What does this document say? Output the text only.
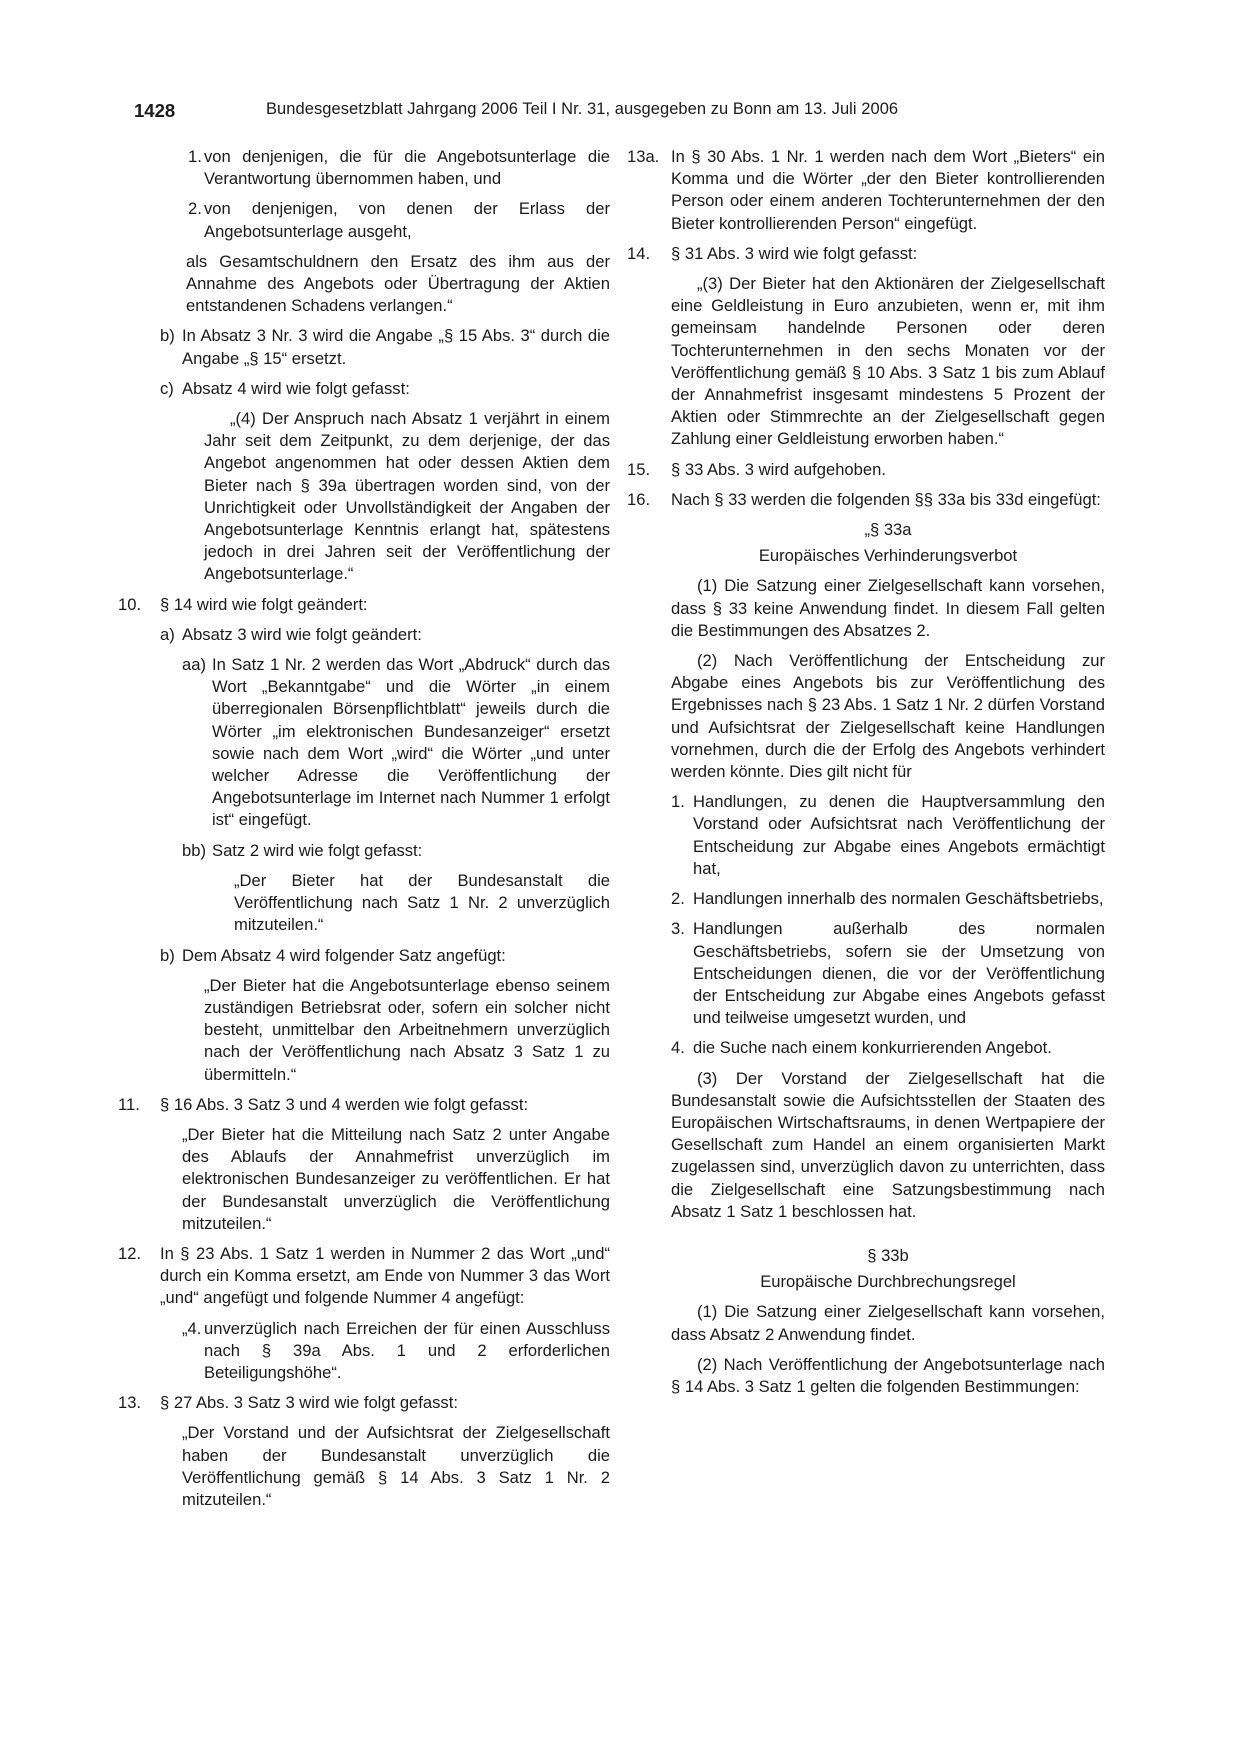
1428	Bundesgesetzblatt Jahrgang 2006 Teil I Nr. 31, ausgegeben zu Bonn am 13. Juli 2006
1. von denjenigen, die für die Angebotsunterlage die Verantwortung übernommen haben, und
2. von denjenigen, von denen der Erlass der Angebotsunterlage ausgeht,
als Gesamtschuldnern den Ersatz des ihm aus der Annahme des Angebots oder Übertragung der Aktien entstandenen Schadens verlangen.“
b) In Absatz 3 Nr. 3 wird die Angabe „§ 15 Abs. 3“ durch die Angabe „§ 15“ ersetzt.
c) Absatz 4 wird wie folgt gefasst:
„(4) Der Anspruch nach Absatz 1 verjährt in einem Jahr seit dem Zeitpunkt, zu dem derjenige, der das Angebot angenommen hat oder dessen Aktien dem Bieter nach § 39a übertragen worden sind, von der Unrichtigkeit oder Unvollständigkeit der Angaben der Angebotsunterlage Kenntnis erlangt hat, spätestens jedoch in drei Jahren seit der Veröffentlichung der Angebotsunterlage.“
10. § 14 wird wie folgt geändert:
a) Absatz 3 wird wie folgt geändert:
aa) In Satz 1 Nr. 2 werden das Wort „Abdruck“ durch das Wort „Bekanntgabe“ und die Wörter „in einem überregionalen Börsenpflichtblatt“ jeweils durch die Wörter „im elektronischen Bundesanzeiger“ ersetzt sowie nach dem Wort „wird“ die Wörter „und unter welcher Adresse die Veröffentlichung der Angebotsunterlage im Internet nach Nummer 1 erfolgt ist“ eingefügt.
bb) Satz 2 wird wie folgt gefasst:
„Der Bieter hat der Bundesanstalt die Veröffentlichung nach Satz 1 Nr. 2 unverzüglich mitzuteilen.“
b) Dem Absatz 4 wird folgender Satz angefügt:
„Der Bieter hat die Angebotsunterlage ebenso seinem zuständigen Betriebsrat oder, sofern ein solcher nicht besteht, unmittelbar den Arbeitnehmern unverzüglich nach der Veröffentlichung nach Absatz 3 Satz 1 zu übermitteln.“
11. § 16 Abs. 3 Satz 3 und 4 werden wie folgt gefasst:
„Der Bieter hat die Mitteilung nach Satz 2 unter Angabe des Ablaufs der Annahmefrist unverzüglich im elektronischen Bundesanzeiger zu veröffentlichen. Er hat der Bundesanstalt unverzüglich die Veröffentlichung mitzuteilen.“
12. In § 23 Abs. 1 Satz 1 werden in Nummer 2 das Wort „und“ durch ein Komma ersetzt, am Ende von Nummer 3 das Wort „und“ angefügt und folgende Nummer 4 angefügt:
„4. unverzüglich nach Erreichen der für einen Ausschluss nach § 39a Abs. 1 und 2 erforderlichen Beteiligungshöhe“.
13. § 27 Abs. 3 Satz 3 wird wie folgt gefasst:
„Der Vorstand und der Aufsichtsrat der Zielgesellschaft haben der Bundesanstalt unverzüglich die Veröffentlichung gemäß § 14 Abs. 3 Satz 1 Nr. 2 mitzuteilen.“
13a. In § 30 Abs. 1 Nr. 1 werden nach dem Wort „Bieters“ ein Komma und die Wörter „der den Bieter kontrollierenden Person oder einem anderen Tochterunternehmen der den Bieter kontrollierenden Person“ eingefügt.
14. § 31 Abs. 3 wird wie folgt gefasst:
„(3) Der Bieter hat den Aktionären der Zielgesellschaft eine Geldleistung in Euro anzubieten, wenn er, mit ihm gemeinsam handelnde Personen oder deren Tochterunternehmen in den sechs Monaten vor der Veröffentlichung gemäß § 10 Abs. 3 Satz 1 bis zum Ablauf der Annahmefrist insgesamt mindestens 5 Prozent der Aktien oder Stimmrechte an der Zielgesellschaft gegen Zahlung einer Geldleistung erworben haben.“
15. § 33 Abs. 3 wird aufgehoben.
16. Nach § 33 werden die folgenden §§ 33a bis 33d eingefügt:
„§ 33a
Europäisches Verhinderungsverbot
(1) Die Satzung einer Zielgesellschaft kann vorsehen, dass § 33 keine Anwendung findet. In diesem Fall gelten die Bestimmungen des Absatzes 2.
(2) Nach Veröffentlichung der Entscheidung zur Abgabe eines Angebots bis zur Veröffentlichung des Ergebnisses nach § 23 Abs. 1 Satz 1 Nr. 2 dürfen Vorstand und Aufsichtsrat der Zielgesellschaft keine Handlungen vornehmen, durch die der Erfolg des Angebots verhindert werden könnte. Dies gilt nicht für
1. Handlungen, zu denen die Hauptversammlung den Vorstand oder Aufsichtsrat nach Veröffentlichung der Entscheidung zur Abgabe eines Angebots ermächtigt hat,
2. Handlungen innerhalb des normalen Geschäftsbetriebs,
3. Handlungen außerhalb des normalen Geschäftsbetriebs, sofern sie der Umsetzung von Entscheidungen dienen, die vor der Veröffentlichung der Entscheidung zur Abgabe eines Angebots gefasst und teilweise umgesetzt wurden, und
4. die Suche nach einem konkurrierenden Angebot.
(3) Der Vorstand der Zielgesellschaft hat die Bundesanstalt sowie die Aufsichtsstellen der Staaten des Europäischen Wirtschaftsraums, in denen Wertpapiere der Gesellschaft zum Handel an einem organisierten Markt zugelassen sind, unverzüglich davon zu unterrichten, dass die Zielgesellschaft eine Satzungsbestimmung nach Absatz 1 Satz 1 beschlossen hat.
§ 33b
Europäische Durchbrechungsregel
(1) Die Satzung einer Zielgesellschaft kann vorsehen, dass Absatz 2 Anwendung findet.
(2) Nach Veröffentlichung der Angebotsunterlage nach § 14 Abs. 3 Satz 1 gelten die folgenden Bestimmungen:
